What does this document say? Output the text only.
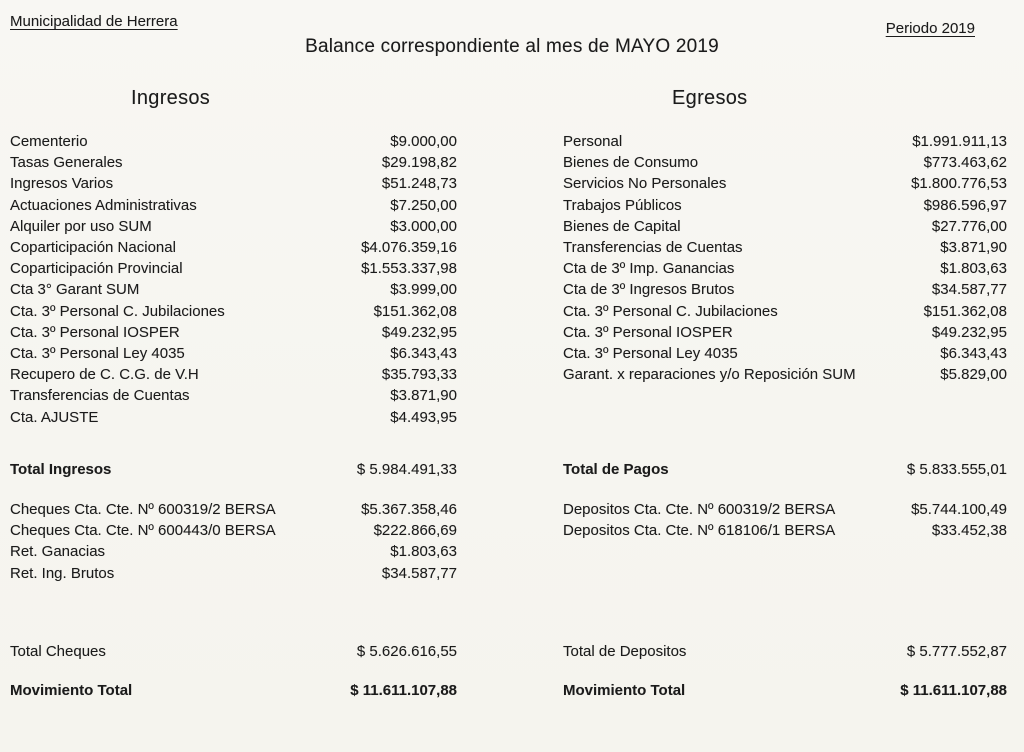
Municipalidad de Herrera
Balance correspondiente al mes de MAYO 2019
Periodo 2019
Ingresos	Egresos
Cementerio	$9.000,00
Tasas Generales	$29.198,82
Ingresos Varios	$51.248,73
Actuaciones Administrativas	$7.250,00
Alquiler por uso SUM	$3.000,00
Coparticipación Nacional	$4.076.359,16
Coparticipación Provincial	$1.553.337,98
Cta 3° Garant SUM	$3.999,00
Cta. 3º Personal C. Jubilaciones	$151.362,08
Cta. 3º Personal IOSPER	$49.232,95
Cta. 3º Personal Ley 4035	$6.343,43
Recupero de C. C.G. de V.H	$35.793,33
Transferencias de Cuentas	$3.871,90
Cta. AJUSTE	$4.493,95
Total Ingresos	$ 5.984.491,33
Cheques Cta. Cte. Nº 600319/2 BERSA	$5.367.358,46
Cheques Cta. Cte. Nº 600443/0 BERSA	$222.866,69
Ret. Ganacias	$1.803,63
Ret. Ing. Brutos	$34.587,77
Total Cheques	$ 5.626.616,55
Movimiento Total	$ 11.611.107,88
Personal	$1.991.911,13
Bienes de Consumo	$773.463,62
Servicios No Personales	$1.800.776,53
Trabajos Públicos	$986.596,97
Bienes de Capital	$27.776,00
Transferencias de Cuentas	$3.871,90
Cta de 3º Imp. Ganancias	$1.803,63
Cta de 3º Ingresos Brutos	$34.587,77
Cta. 3º Personal C. Jubilaciones	$151.362,08
Cta. 3º Personal IOSPER	$49.232,95
Cta. 3º Personal Ley 4035	$6.343,43
Garant. x reparaciones y/o Reposición SUM	$5.829,00
Total de Pagos	$ 5.833.555,01
Depositos Cta. Cte. Nº 600319/2 BERSA	$5.744.100,49
Depositos Cta. Cte. Nº 618106/1 BERSA	$33.452,38
Total de Depositos	$ 5.777.552,87
Movimiento Total	$ 11.611.107,88
